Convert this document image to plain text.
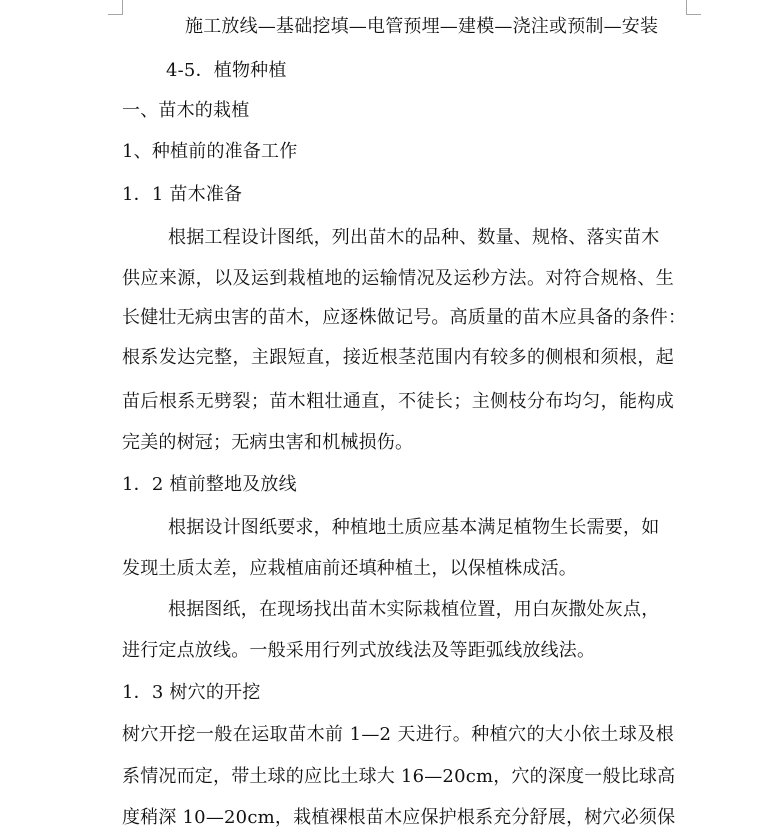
施工放线—基础挖填—电管预埋—建模—浇注或预制—安装
4-5．植物种植
一、苗木的栽植
1、种植前的准备工作
1．1 苗木准备
根据工程设计图纸，列出苗木的品种、数量、规格、落实苗木
供应来源，以及运到栽植地的运输情况及运秒方法。对符合规格、生
长健壮无病虫害的苗木，应逐株做记号。高质量的苗木应具备的条件：
根系发达完整，主跟短直，接近根茎范围内有较多的侧根和须根，起
苗后根系无劈裂；苗木粗壮通直，不徒长；主侧枝分布均匀，能构成
完美的树冠；无病虫害和机械损伤。
1．2 植前整地及放线
根据设计图纸要求，种植地土质应基本满足植物生长需要，如
发现土质太差，应栽植庙前还填种植土，以保植株成活。
根据图纸，在现场找出苗木实际栽植位置，用白灰撒处灰点，
进行定点放线。一般采用行列式放线法及等距弧线放线法。
1．3 树穴的开挖
树穴开挖一般在运取苗木前 1—2 天进行。种植穴的大小依土球及根
系情况而定，带土球的应比土球大 16—20cm，穴的深度一般比球高
度稍深 10—20cm，栽植裸根苗木应保护根系充分舒展，树穴必须保
